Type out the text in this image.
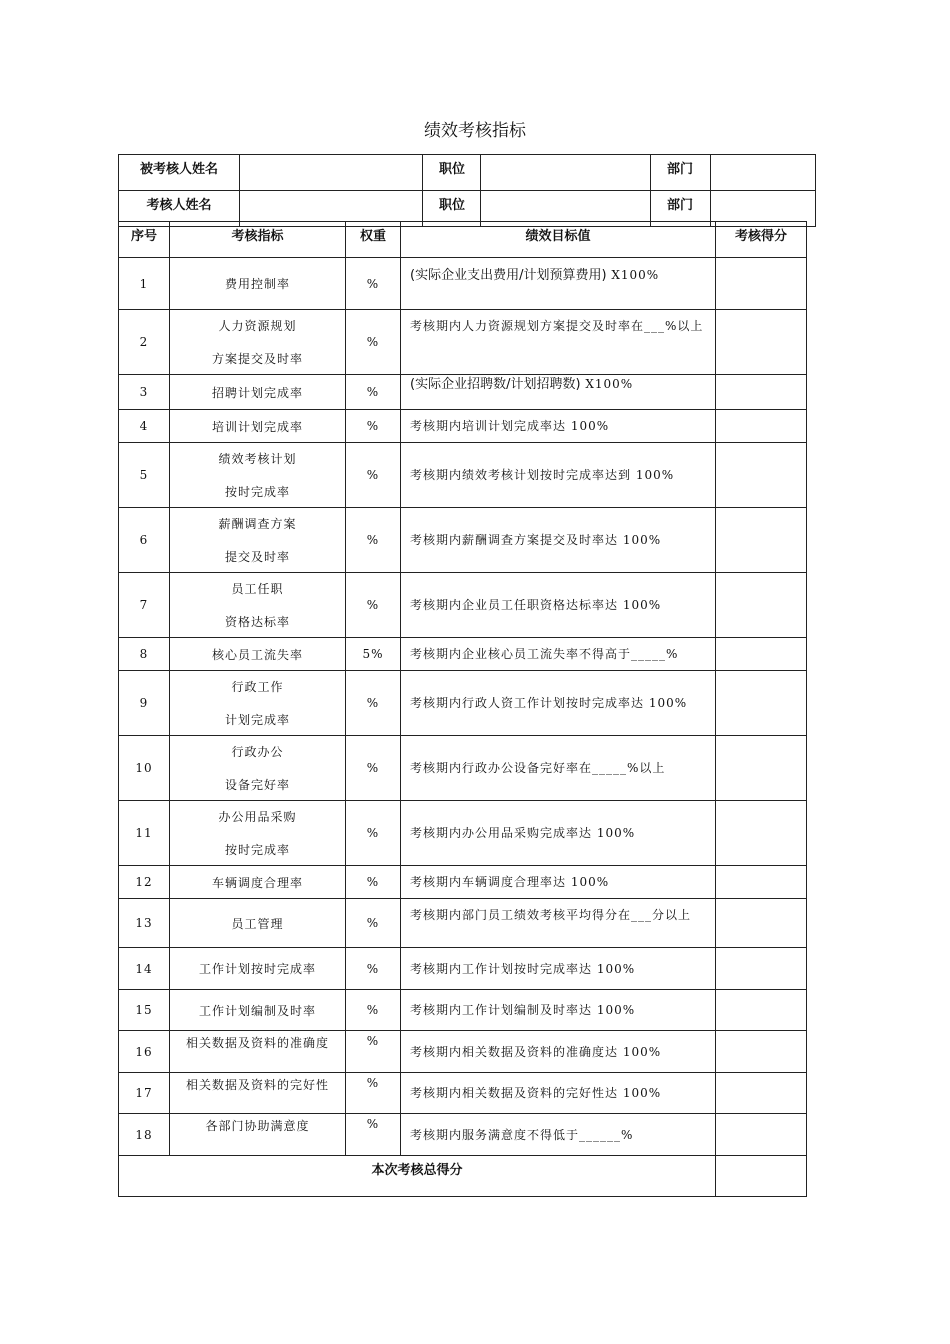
绩效考核指标
被考核人姓名		职位		部门	
考核人姓名		职位		部门	
序号	考核指标	权重	绩效目标值	考核得分
1	费用控制率	%	(实际企业支出费用/计划预算费用) X100%	
2	人力资源规划
方案提交及时率	%	考核期内人力资源规划方案提交及时率在___%以上	
3	招聘计划完成率	%	(实际企业招聘数/计划招聘数) X100%	
4	培训计划完成率	%	考核期内培训计划完成率达 100%	
5	绩效考核计划
按时完成率	%	考核期内绩效考核计划按时完成率达到 100%	
6	薪酬调查方案
提交及时率	%	考核期内薪酬调查方案提交及时率达 100%	
7	员工任职
资格达标率	%	考核期内企业员工任职资格达标率达 100%	
8	核心员工流失率	5%	考核期内企业核心员工流失率不得高于_____%	
9	行政工作
计划完成率	%	考核期内行政人资工作计划按时完成率达 100%	
10	行政办公
设备完好率	%	考核期内行政办公设备完好率在_____%以上	
11	办公用品采购
按时完成率	%	考核期内办公用品采购完成率达 100%	
12	车辆调度合理率	%	考核期内车辆调度合理率达 100%	
13	员工管理	%	考核期内部门员工绩效考核平均得分在___分以上	
14	工作计划按时完成率	%	考核期内工作计划按时完成率达 100%	
15	工作计划编制及时率	%	考核期内工作计划编制及时率达 100%	
16	相关数据及资料的准确度	%	考核期内相关数据及资料的准确度达 100%	
17	相关数据及资料的完好性	%	考核期内相关数据及资料的完好性达 100%	
18	各部门协助满意度	%	考核期内服务满意度不得低于______%	
本次考核总得分				
